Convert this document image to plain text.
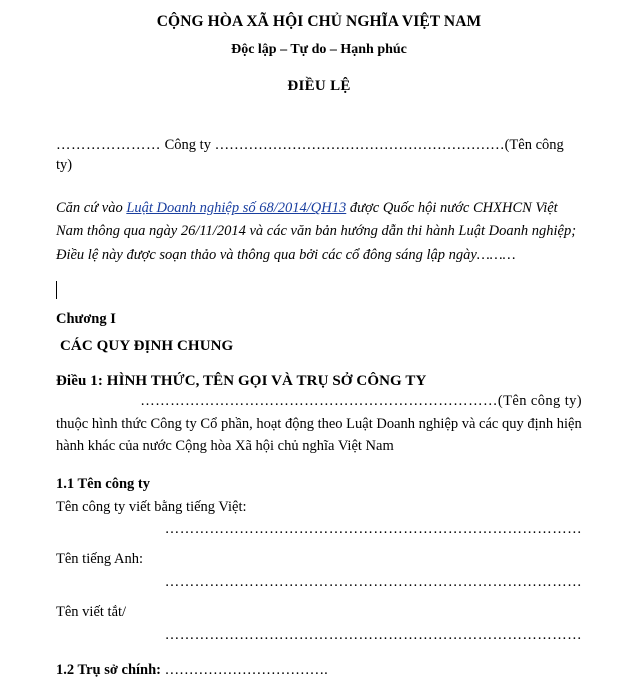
CỘNG HÒA XÃ HỘI CHỦ NGHĨA VIỆT NAM
Độc lập – Tự do – Hạnh phúc
ĐIỀU LỆ
………………… Công ty ……………………………………………………(Tên công ty)
Căn cứ vào Luật Doanh nghiệp số 68/2014/QH13 được Quốc hội nước CHXHCN Việt Nam thông qua ngày 26/11/2014 và các văn bản hướng dẫn thi hành Luật Doanh nghiệp;
Điều lệ này được soạn thảo và thông qua bởi các cổ đông sáng lập ngày………
Chương I
CÁC QUY ĐỊNH CHUNG
Điều 1: HÌNH THỨC, TÊN GỌI VÀ TRỤ SỞ CÔNG TY
………………………………………………………………(Tên công ty)
thuộc hình thức Công ty Cổ phần, hoạt động theo Luật Doanh nghiệp và các quy định hiện hành khác của nước Cộng hòa Xã hội chủ nghĩa Việt Nam
1.1 Tên công ty
Tên công ty viết bằng tiếng Việt:
…………………………………………………………………………
Tên tiếng Anh:
…………………………………………………………………………
Tên viết tắt/
…………………………………………………………………………
1.2 Trụ sở chính: …………………………….
